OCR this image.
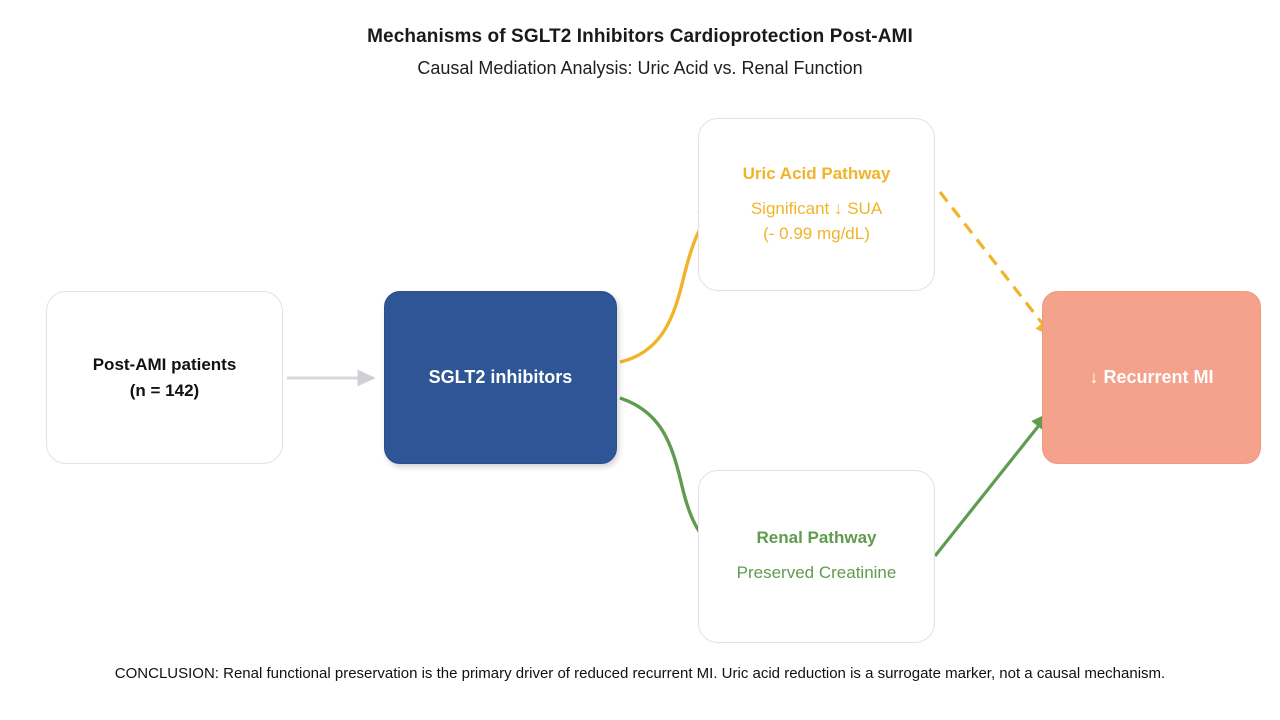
Mechanisms of SGLT2 Inhibitors Cardioprotection Post-AMI
Causal Mediation Analysis: Uric Acid vs. Renal Function
Post-AMI patients
(n = 142)
SGLT2 inhibitors
Uric Acid Pathway
Significant ↓ SUA
(- 0.99 mg/dL)
Renal Pathway
Preserved Creatinine
↓ Recurrent MI
CONCLUSION: Renal functional preservation is the primary driver of reduced recurrent MI. Uric acid reduction is a surrogate marker, not a causal mechanism.
